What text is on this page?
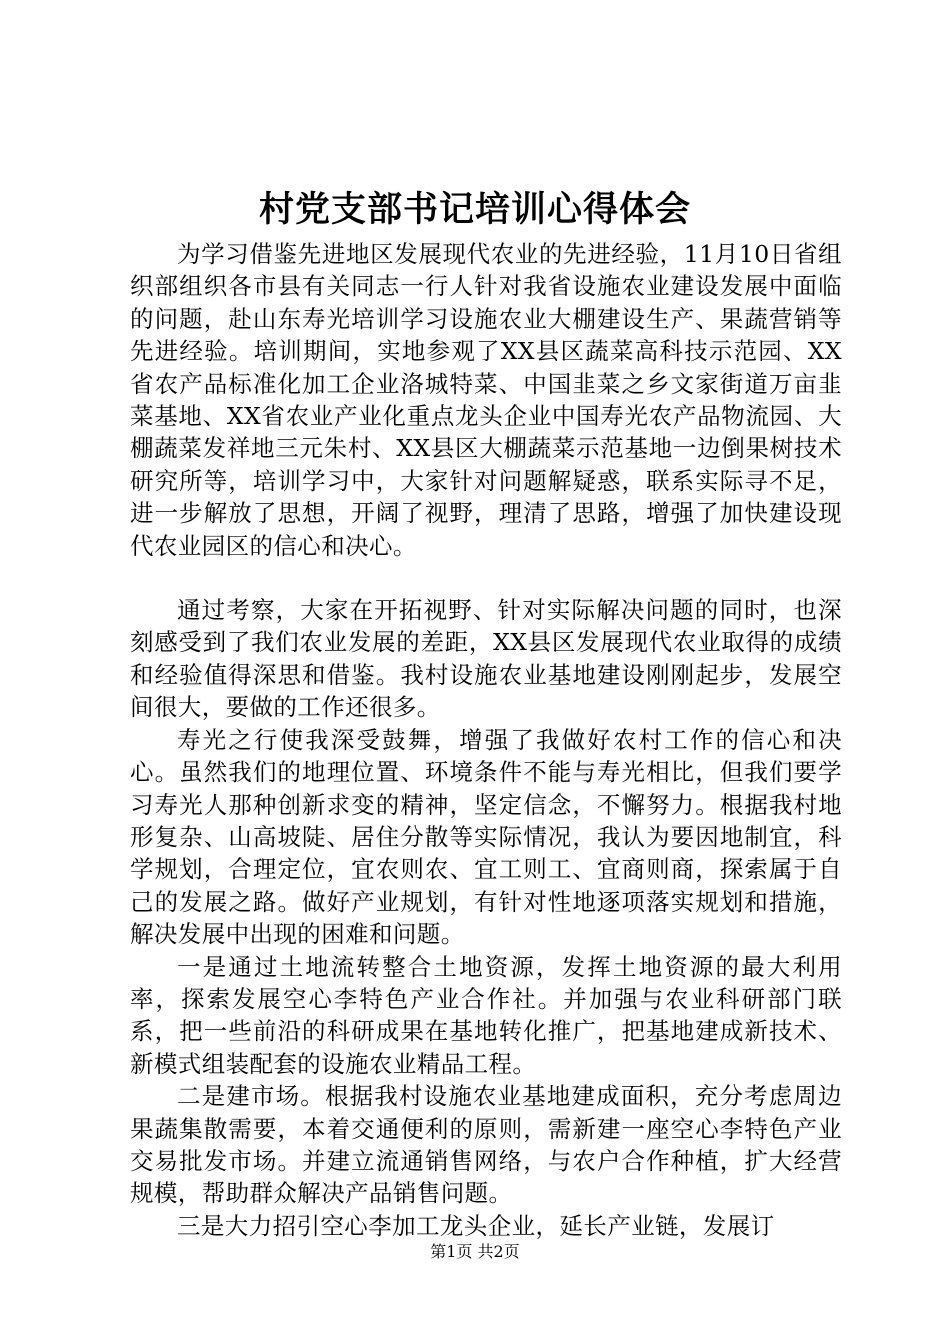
村党支部书记培训心得体会

为学习借鉴先进地区发展现代农业的先进经验，11月10日省组织部组织各市县有关同志一行人针对我省设施农业建设发展中面临的问题，赴山东寿光培训学习设施农业大棚建设生产、果蔬营销等先进经验。培训期间，实地参观了XX县区蔬菜高科技示范园、XX省农产品标准化加工企业洛城特菜、中国韭菜之乡文家街道万亩韭菜基地、XX省农业产业化重点龙头企业中国寿光农产品物流园、大棚蔬菜发祥地三元朱村、XX县区大棚蔬菜示范基地一边倒果树技术研究所等，培训学习中，大家针对问题解疑惑，联系实际寻不足，进一步解放了思想，开阔了视野，理清了思路，增强了加快建设现代农业园区的信心和决心。

通过考察，大家在开拓视野、针对实际解决问题的同时，也深刻感受到了我们农业发展的差距，XX县区发展现代农业取得的成绩和经验值得深思和借鉴。我村设施农业基地建设刚刚起步，发展空间很大，要做的工作还很多。

寿光之行使我深受鼓舞，增强了我做好农村工作的信心和决心。虽然我们的地理位置、环境条件不能与寿光相比，但我们要学习寿光人那种创新求变的精神，坚定信念，不懈努力。根据我村地形复杂、山高坡陡、居住分散等实际情况，我认为要因地制宜，科学规划，合理定位，宜农则农、宜工则工、宜商则商，探索属于自己的发展之路。做好产业规划，有针对性地逐项落实规划和措施，解决发展中出现的困难和问题。

一是通过土地流转整合土地资源，发挥土地资源的最大利用率，探索发展空心李特色产业合作社。并加强与农业科研部门联系，把一些前沿的科研成果在基地转化推广，把基地建成新技术、新模式组装配套的设施农业精品工程。

二是建市场。根据我村设施农业基地建成面积，充分考虑周边果蔬集散需要，本着交通便利的原则，需新建一座空心李特色产业交易批发市场。并建立流通销售网络，与农户合作种植，扩大经营规模，帮助群众解决产品销售问题。

三是大力招引空心李加工龙头企业，延长产业链，发展订

第1页 共2页
